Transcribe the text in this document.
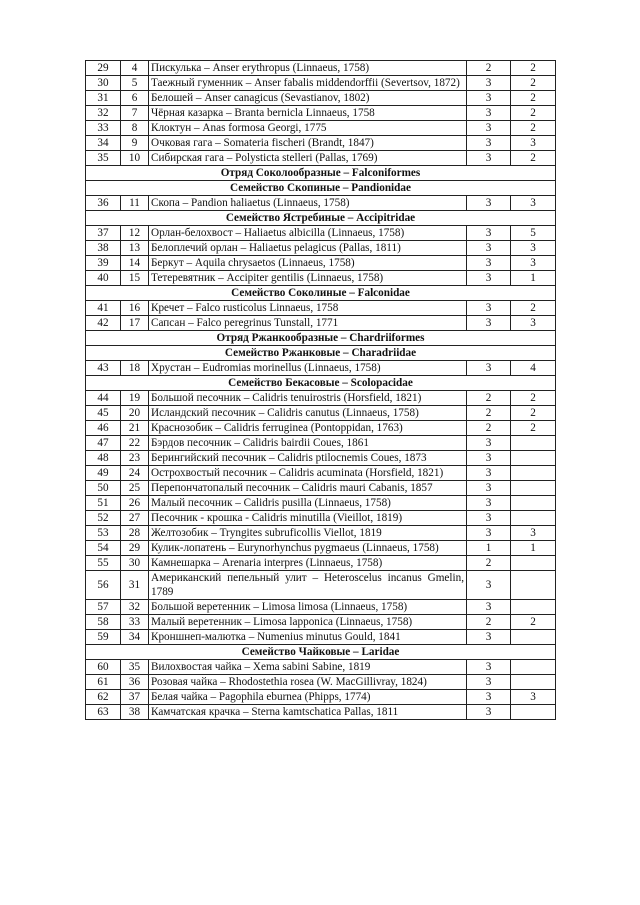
29	4	Пискулька – Anser erythropus (Linnaeus, 1758)	2	2
30	5	Таежный гуменник – Anser fabalis middendorffii (Severtsov, 1872)	3	2
31	6	Белошей – Anser canagicus (Sevastianov, 1802)	3	2
32	7	Чёрная казарка – Branta bernicla Linnaeus, 1758	3	2
33	8	Клоктун – Anas formosa Georgi, 1775	3	2
34	9	Очковая гага – Somateria fischeri (Brandt, 1847)	3	3
35	10	Сибирская гага – Polysticta stelleri (Pallas, 1769)	3	2
Отряд Соколообразные – Falconiformes				
Семейство Скопиные – Pandionidae				
36	11	Скопа – Pandion haliaetus (Linnaeus, 1758)	3	3
Семейство Ястребиные – Accipitridae				
37	12	Орлан-белохвост – Haliaetus albicilla (Linnaeus, 1758)	3	5
38	13	Белоплечий орлан – Haliaetus pelagicus (Pallas, 1811)	3	3
39	14	Беркут – Aquila chrysaetos (Linnaeus, 1758)	3	3
40	15	Тетеревятник – Accipiter gentilis (Linnaeus, 1758)	3	1
Семейство Соколиные – Falconidae				
41	16	Кречет – Falco rusticolus Linnaeus, 1758	3	2
42	17	Сапсан – Falco peregrinus Tunstall, 1771	3	3
Отряд Ржанкообразные – Chardriiformes				
Семейство Ржанковые – Charadriidae				
43	18	Хрустан – Eudromias morinellus (Linnaeus, 1758)	3	4
Семейство Бекасовые – Scolopacidae				
44	19	Большой песочник – Calidris tenuirostris (Horsfield, 1821)	2	2
45	20	Исландский песочник – Calidris canutus (Linnaeus, 1758)	2	2
46	21	Краснозобик – Calidris ferruginea (Pontoppidan, 1763)	2	2
47	22	Бэрдов песочник – Calidris bairdii Coues, 1861	3	
48	23	Берингийский песочник – Calidris ptilocnemis Coues, 1873	3	
49	24	Острохвостый песочник – Calidris acuminata (Horsfield, 1821)	3	
50	25	Перепончатопалый песочник – Calidris mauri Cabanis, 1857	3	
51	26	Малый песочник – Calidris pusilla (Linnaeus, 1758)	3	
52	27	Песочник - крошка - Calidris minutilla (Vieillot, 1819)	3	
53	28	Желтозобик – Tryngites subruficollis Viellot, 1819	3	3
54	29	Кулик-лопатень – Eurynorhynchus pygmaeus (Linnaeus, 1758)	1	1
55	30	Камнешарка – Arenaria interpres (Linnaeus, 1758)	2	
56	31	Американский пепельный улит – Heteroscelus incanus Gmelin, 1789	3	
57	32	Большой веретенник – Limosa limosa (Linnaeus, 1758)	3	
58	33	Малый веретенник – Limosa lapponica (Linnaeus, 1758)	2	2
59	34	Кроншнеп-малютка – Numenius minutus Gould, 1841	3	
Семейство Чайковые – Laridae				
60	35	Вилохвостая чайка – Xema sabini Sabine, 1819	3	
61	36	Розовая чайка – Rhodostethia rosea (W. MacGillivray, 1824)	3	
62	37	Белая чайка – Pagophila eburnea (Phipps, 1774)	3	3
63	38	Камчатская крачка – Sterna kamtschatica Pallas, 1811	3	
